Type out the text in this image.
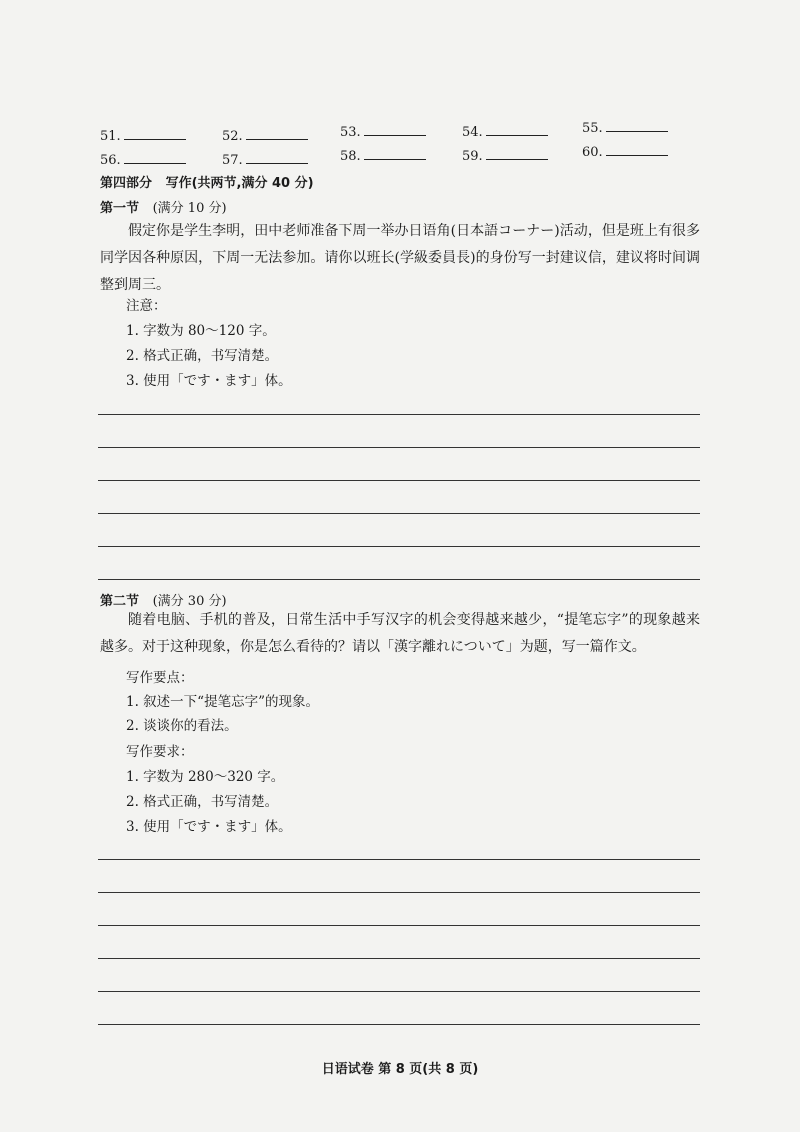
51.	52.	53.	54.	55.
56.	57.	58.	59.	60.
第四部分 写作(共两节,满分 40 分)
第一节 (满分 10 分)
假定你是学生李明，田中老师准备下周一举办日语角(日本語コーナー)活动，但是班上有很多同学因各种原因，下周一无法参加。请你以班长(学級委員長)的身份写一封建议信，建议将时间调整到周三。
注意：
1. 字数为 80～120 字。
2. 格式正确，书写清楚。
3. 使用「です・ます」体。
第二节 (满分 30 分)
随着电脑、手机的普及，日常生活中手写汉字的机会变得越来越少，“提笔忘字”的现象越来越多。对于这种现象，你是怎么看待的？请以「漢字離れについて」为题，写一篇作文。
写作要点：
1. 叙述一下“提笔忘字”的现象。
2. 谈谈你的看法。
写作要求：
1. 字数为 280～320 字。
2. 格式正确，书写清楚。
3. 使用「です・ます」体。
日语试卷 第 8 页(共 8 页)
